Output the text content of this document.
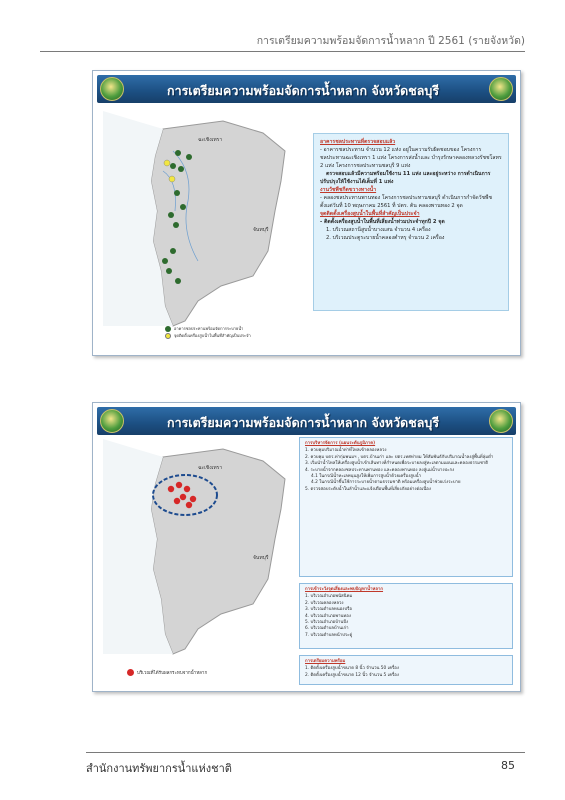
การเตรียมความพร้อมจัดการน้ำหลาก ปี 2561 (รายจังหวัด)
การเตรียมความพร้อมจัดการน้ำหลาก จังหวัดชลบุรี
ฉะเชิงเทรา
จันทบุรี
อาคารชลประทานพร้อมจัดการระบายน้ำ
จุดติดตั้งเครื่องสูบน้ำในพื้นที่สำคัญเป็นประจำ

อาคารชลประทานที่ตรวจสอบแล้ว

- อาคารชลประทาน จำนวน 12 แห่ง อยู่ในความรับผิดชอบของ โครงการชลประทานฉะเชิงเทรา 1 แห่ง โครงการส่งน้ำและ บำรุงรักษาคลองหลวงรัชชโลทร 2 แห่ง โครงการชลประทานชลบุรี 9 แห่ง

ตรวจสอบแล้วมีความพร้อมใช้งาน 11 แห่ง และอยู่ระหว่าง การดำเนินการปรับปรุงให้ใช้งานได้เต็มที่ 1 แห่ง

งานวัชพืชกีดขวางทางน้ำ

- คลองชลประทานพานทอง โครงการชลประทานชลบุรี ดำเนินการกำจัดวัชพืช ตั้งแต่วันที่ 10 พฤษภาคม 2561 ที่ ปตร. ต้น คลองพานทอง 2 จุด

จุดติดตั้งเครื่องสูบน้ำในพื้นที่สำคัญเป็นประจำ

- ติดตั้งเครื่องสูบน้ำในพื้นที่เสี่ยงน้ำท่วมประจำทุกปี 2 จุด

1. บริเวณสถานีสูบน้ำบางแสน จำนวน 4 เครื่อง

2. บริเวณประตูระบายน้ำคลองตำหรุ จำนวน 2 เครื่อง

การเตรียมความพร้อมจัดการน้ำหลาก จังหวัดชลบุรี
ฉะเชิงเทรา
จันทบุรี
บริเวณที่ได้รับผลกระทบจากน้ำหลาก
การบริหารจัดการ (แผนระดับภูมิภาค)
1. ควบคุมปริมาณน้ำท่าที่ไหลเข้าคลองหลวง
2. ควบคุม บตร.ท่ากุ่มพนมฯ , บตร.บ้านเก่า และ ปตร.เทศท่ายม ให้สัมพันธ์กับปริมาณน้ำลงสู่พื้นที่ลุ่มต่ำ
3. เริ่มนำน้ำไหลให้เครื่องสูบน้ำเข้าเส้นทางที่กำหนดเพื่อระบายลงสู่ทะเลตามแผนและคลองธรรมชาติ
4. ระบายน้ำจากคลองชลประทานพานทอง และคลองพานทอง ลงสู่แม่น้ำบางปะกง
4.1 ในกรณีน้ำทะเลหนุนสูงให้เพิ่มการสูบน้ำด้วยเครื่องสูบน้ำ
4.2 ในกรณีน้ำขึ้นใช้การระบายน้ำตามธรรมชาติ พร้อมเครื่องสูบน้ำช่วยเร่งระบาย
5. ตรวจสอบระดับน้ำในลำน้ำและแจ้งเตือนพื้นที่เสี่ยงภัยอย่างต่อเนื่อง
การเข้าระวังจุดเสี่ยงและพบปัญหาน้ำหลาก
1. บริเวณอำเภอพนัสนิคม
2. บริเวณคลองหลวง
3. บริเวณตำบลหนองปรือ
4. บริเวณอำเภอพานทอง
5. บริเวณอำเภอบ้านบึง
6. บริเวณตำบลบ้านเก่า
7. บริเวณตำบลหน้าประดู่
การเตรียมความพร้อม
1. ติดตั้งเครื่องสูบน้ำขนาด 8 นิ้ว จำนวน 50 เครื่อง
2. ติดตั้งเครื่องสูบน้ำขนาด 12 นิ้ว จำนวน 5 เครื่อง
สำนักงานทรัพยากรน้ำแห่งชาติ	85
